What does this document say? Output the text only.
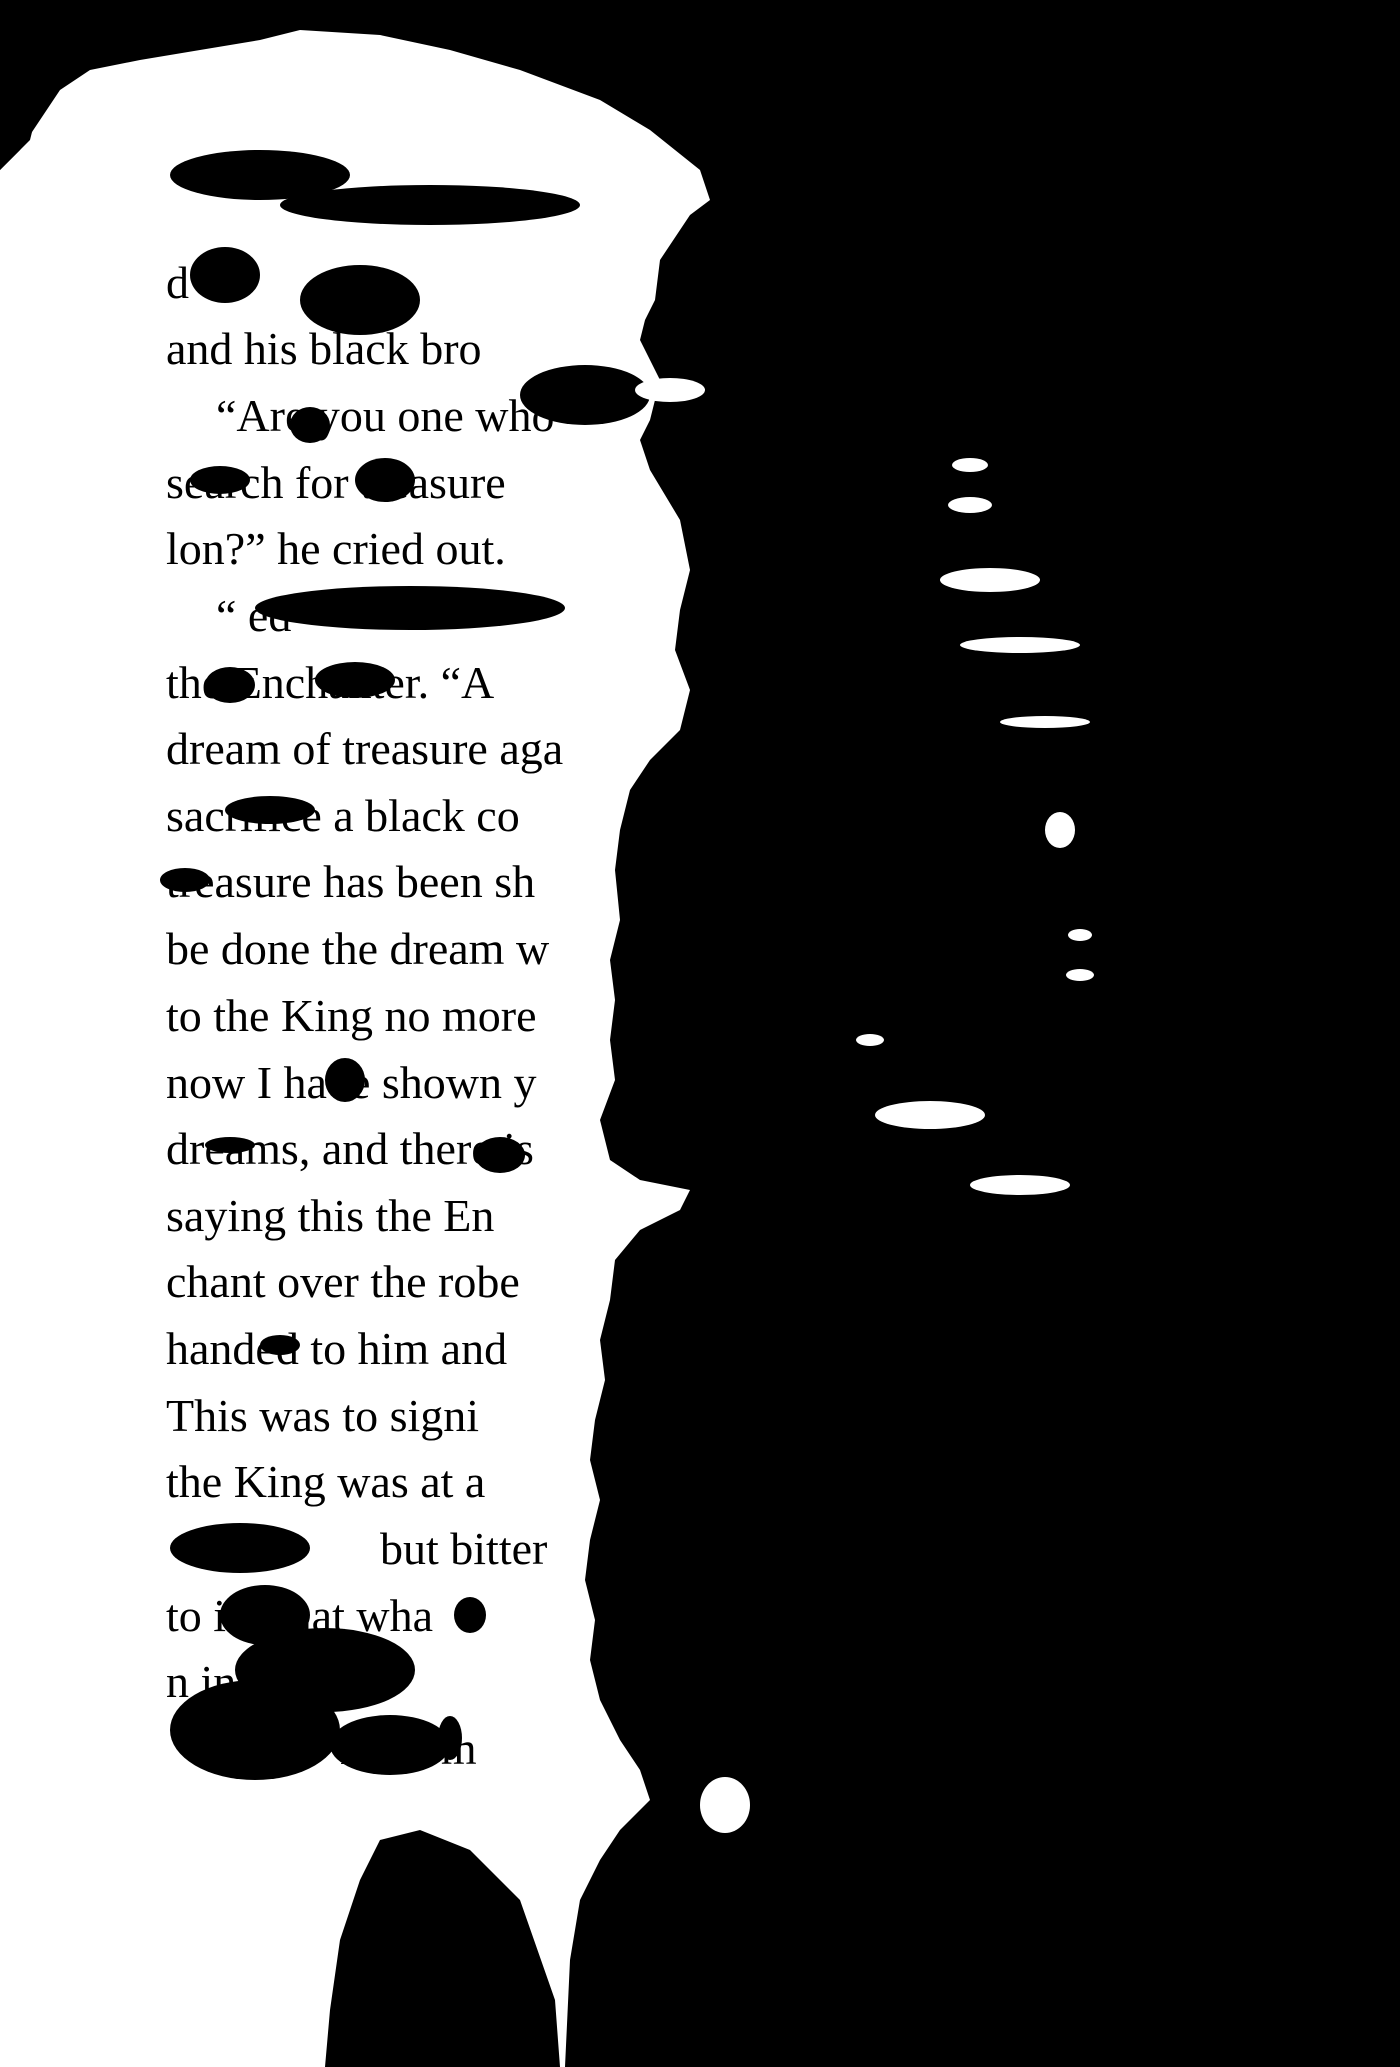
d u

and his black bro

“Are you one who

search for treasure

lon?” he cried out.

“ ed

the Enchanter. “A

dream of treasure aga

sacrifice a black co

treasure has been sh

be done the dream w

to the King no more

now I have shown y

dreams, and there is

saying this the En

chant over the robe

handed to him and

This was to signi

the King was at a

but bitter

to ify that wha

n ing to hi

nt from
